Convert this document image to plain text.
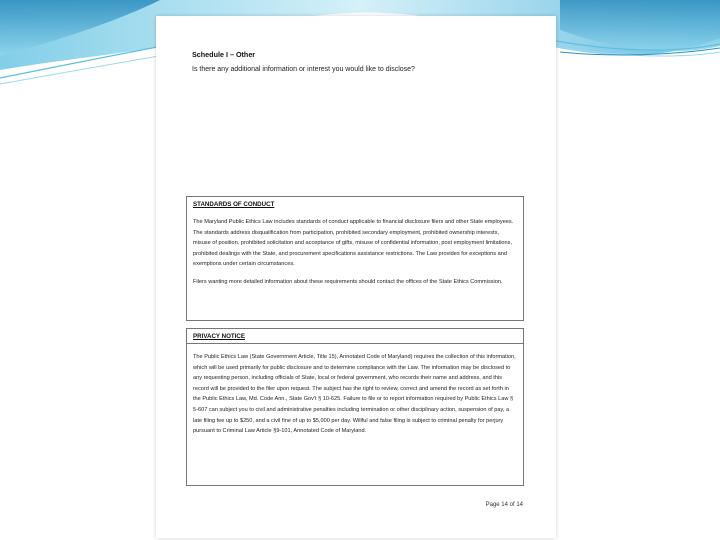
Schedule I – Other
Is there any additional information or interest you would like to disclose?
STANDARDS OF CONDUCT

The Maryland Public Ethics Law includes standards of conduct applicable to financial disclosure filers and other State employees. The standards address disqualification from participation, prohibited secondary employment, prohibited ownership interests, misuse of position, prohibited solicitation and acceptance of gifts, misuse of confidential information, post employment limitations, prohibited dealings with the State, and procurement specifications assistance restrictions. The Law provides for exceptions and exemptions under certain circumstances.

Filers wanting more detailed information about these requirements should contact the offices of the State Ethics Commission.

PRIVACY NOTICE

The Public Ethics Law (State Government Article, Title 15), Annotated Code of Maryland) requires the collection of this information, which will be used primarily for public disclosure and to determine compliance with the Law. The information may be disclosed to any requesting person, including officials of State, local or federal government, who records their name and address, and this record will be provided to the filer upon request. The subject has the right to review, correct and amend the record as set forth in the Public Ethics Law, Md. Code Ann., State Gov't § 10-625. Failure to file or to report information required by Public Ethics Law § 5-607 can subject you to civil and administrative penalties including termination or other disciplinary action, suspension of pay, a late filing fee up to $250, and a civil fine of up to $5,000 per day. Willful and false filing is subject to criminal penalty for perjury pursuant to Criminal Law Article §9-101, Annotated Code of Maryland.

Page 14 of 14
